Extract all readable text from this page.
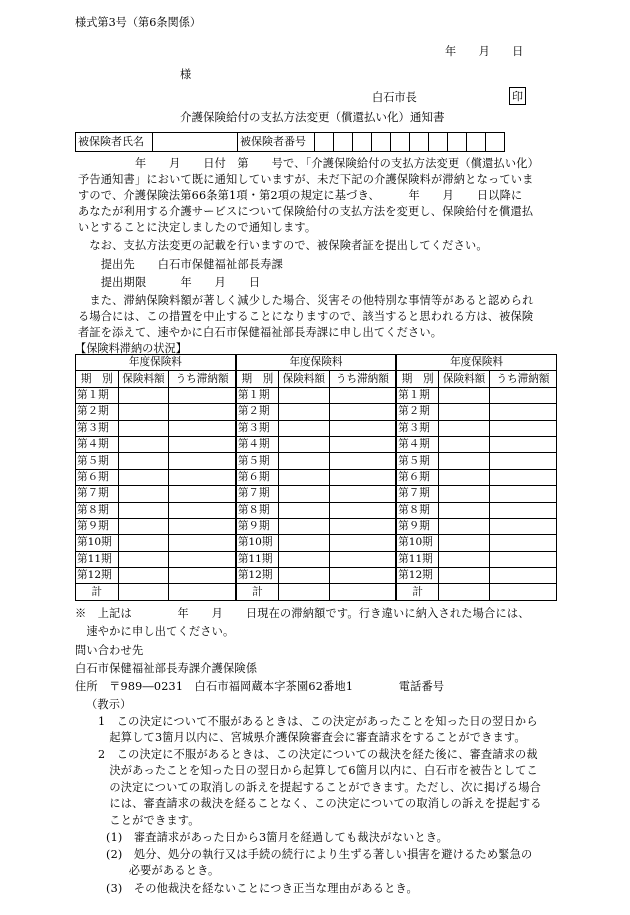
様式第3号（第6条関係）
年　　月　　日
様
白石市長	印
介護保険給付の支払方法変更（償還払い化）通知書
被保険者氏名		被保険者番号										
　　　　　年　　月　　日付　第　　号で、「介護保険給付の支払方法変更（償還払い化）
予告通知書」において既に通知していますが、未だ下記の介護保険料が滞納となっていま
すので、介護保険法第66条第1項・第2項の規定に基づき、　　　年　　月　　日以降に
あなたが利用する介護サービスについて保険給付の支払方法を変更し、保険給付を償還払
いとすることに決定しましたので通知します。
　なお、支払方法変更の記載を行いますので、被保険者証を提出してください。
　　提出先　　白石市保健福祉部長寿課
　　提出期限　　　年　　月　　日
　また、滞納保険料額が著しく減少した場合、災害その他特別な事情等があると認められ
る場合には、この措置を中止することになりますので、該当すると思われる方は、被保険
者証を添えて、速やかに白石市保健福祉部長寿課に申し出てください。
【保険料滞納の状況】
年度保険料			年度保険料			年度保険料		
期　別	保険料額	うち滞納額	期　別	保険料額	うち滞納額	期　別	保険料額	うち滞納額
第１期			第１期			第１期		
第２期			第２期			第２期		
第３期			第３期			第３期		
第４期			第４期			第４期		
第５期			第５期			第５期		
第６期			第６期			第６期		
第７期			第７期			第７期		
第８期			第８期			第８期		
第９期			第９期			第９期		
第10期			第10期			第10期		
第11期			第11期			第11期		
第12期			第12期			第12期		
計			計			計		
※　上記は　　　　年　　月　　日現在の滞納額です。行き違いに納入された場合には、
　速やかに申し出てください。
問い合わせ先
白石市保健福祉部長寿課介護保険係
住所　〒989―0231　白石市福岡蔵本字茶園62番地1　　　　電話番号
（教示）
1　この決定について不服があるときは、この決定があったことを知った日の翌日から
　起算して3箇月以内に、宮城県介護保険審査会に審査請求をすることができます。
2　この決定に不服があるときは、この決定についての裁決を経た後に、審査請求の裁
　決があったことを知った日の翌日から起算して6箇月以内に、白石市を被告としてこ
　の決定についての取消しの訴えを提起することができます。ただし、次に掲げる場合
　には、審査請求の裁決を経ることなく、この決定についての取消しの訴えを提起する
　ことができます。
(1)　審査請求があった日から3箇月を経過しても裁決がないとき。
(2)　処分、処分の執行又は手続の続行により生ずる著しい損害を避けるため緊急の
　　必要があるとき。
(3)　その他裁決を経ないことにつき正当な理由があるとき。
